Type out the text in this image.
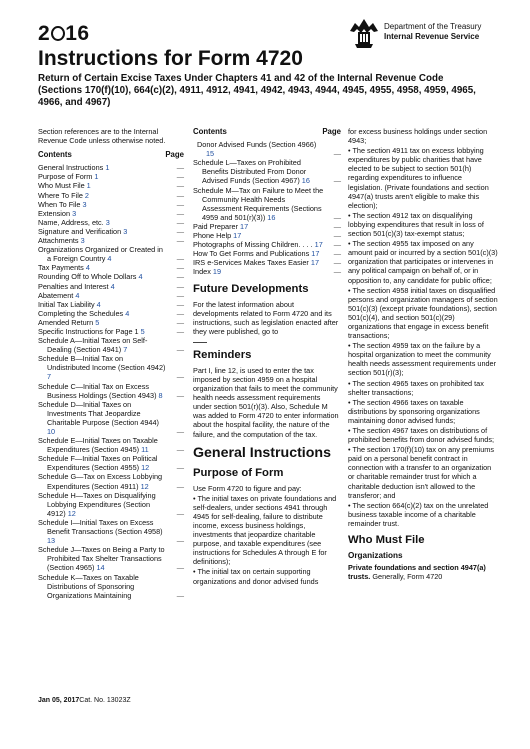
2 16
Instructions for Form 4720
Department of the Treasury
Internal Revenue Service
Return of Certain Excise Taxes Under Chapters 41 and 42 of the Internal Revenue Code
(Sections 170(f)(10), 664(c)(2), 4911, 4912, 4941, 4942, 4943, 4944, 4945, 4955, 4958, 4959, 4965, 4966, and 4967)
Section references are to the Internal Revenue Code unless otherwise noted.
Contents	Page
General Instructions 1	—
Purpose of Form 1	—
Who Must File 1	—
Where To File 2	—
When To File 3	—
Extension 3	—
Name, Address, etc. 3	—
Signature and Verification 3	—
Attachments 3	—
Organizations Organized or Created in a Foreign Country 4	—
Tax Payments 4	—
Rounding Off to Whole Dollars 4	—
Penalties and Interest 4	—
Abatement 4	—
Initial Tax Liability 4	—
Completing the Schedules 4	—
Amended Return 5	—
Specific Instructions for Page 1 5	—
Schedule A—Initial Taxes on Self-Dealing (Section 4941) 7	—
Schedule B—Initial Tax on Undistributed Income (Section 4942) 7	—
Schedule C—Initial Tax on Excess Business Holdings (Section 4943) 8	—
Schedule D—Initial Taxes on Investments That Jeopardize Charitable Purpose (Section 4944) 10	—
Schedule E—Initial Taxes on Taxable Expenditures (Section 4945) 11	—
Schedule F—Initial Taxes on Political Expenditures (Section 4955) 12	—
Schedule G—Tax on Excess Lobbying Expenditures (Section 4911) 12	—
Schedule H—Taxes on Disqualifying Lobbying Expenditures (Section 4912) 12	—
Schedule I—Initial Taxes on Excess Benefit Transactions (Section 4958) 13	—
Schedule J—Taxes on Being a Party to Prohibited Tax Shelter Transactions (Section 4965) 14	—
Schedule K—Taxes on Taxable Distributions of Sponsoring Organizations Maintaining	—
Contents	Page
Donor Advised Funds (Section 4966) 15	—
Schedule L—Taxes on Prohibited Benefits Distributed From Donor Advised Funds (Section 4967) 16	—
Schedule M—Tax on Failure to Meet the Community Health Needs Assessment Requirements (Sections 4959 and 501(r)(3)) 16	—
Paid Preparer 17	—
Phone Help 17	—
Photographs of Missing Children. . . . 17	—
How To Get Forms and Publications 17	—
IRS e-Services Makes Taxes Easier 17	—
Index 19	—
Future Developments
For the latest information about developments related to Form 4720 and its instructions, such as legislation enacted after they were published, go to
Reminders
Part I, line 12, is used to enter the tax imposed by section 4959 on a hospital organization that fails to meet the community health needs assessment requirements under section 501(r)(3). Also, Schedule M was added to Form 4720 to enter information about the hospital facility, the nature of the failure, and the computation of the tax.
General Instructions
Purpose of Form
Use Form 4720 to figure and pay:
• The initial taxes on private foundations and self-dealers, under sections 4941 through 4945 for self-dealing, failure to distribute income, excess business holdings, investments that jeopardize charitable purpose, and taxable expenditures (see instructions for Schedules A through E for definitions);
• The initial tax on certain supporting organizations and donor advised funds
for excess business holdings under section 4943;
• The section 4911 tax on excess lobbying expenditures by public charities that have elected to be subject to section 501(h) regarding expenditures to influence legislation. (Private foundations and section 4947(a) trusts aren't eligible to make this election);
• The section 4912 tax on disqualifying lobbying expenditures that result in loss of section 501(c)(3) tax-exempt status;
• The section 4955 tax imposed on any amount paid or incurred by a section 501(c)(3) organization that participates or intervenes in any political campaign on behalf of, or in opposition to, any candidate for public office;
• The section 4958 initial taxes on disqualified persons and organization managers of section 501(c)(3) (except private foundations), section 501(c)(4), and section 501(c)(29) organizations that engage in excess benefit transactions;
• The section 4959 tax on the failure by a hospital organization to meet the community health needs assessment requirements under section 501(r)(3);
• The section 4965 taxes on prohibited tax shelter transactions;
• The section 4966 taxes on taxable distributions by sponsoring organizations maintaining donor advised funds;
• The section 4967 taxes on distributions of prohibited benefits from donor advised funds;
• The section 170(f)(10) tax on any premiums paid on a personal benefit contract in connection with a transfer to an organization or charitable remainder trust for which a charitable deduction isn't allowed to the transferor; and
• The section 664(c)(2) tax on the unrelated business taxable income of a charitable remainder trust.
Who Must File
Organizations
Private foundations and section 4947(a) trusts. Generally, Form 4720
Jan 05, 2017Cat. No. 13023Z
